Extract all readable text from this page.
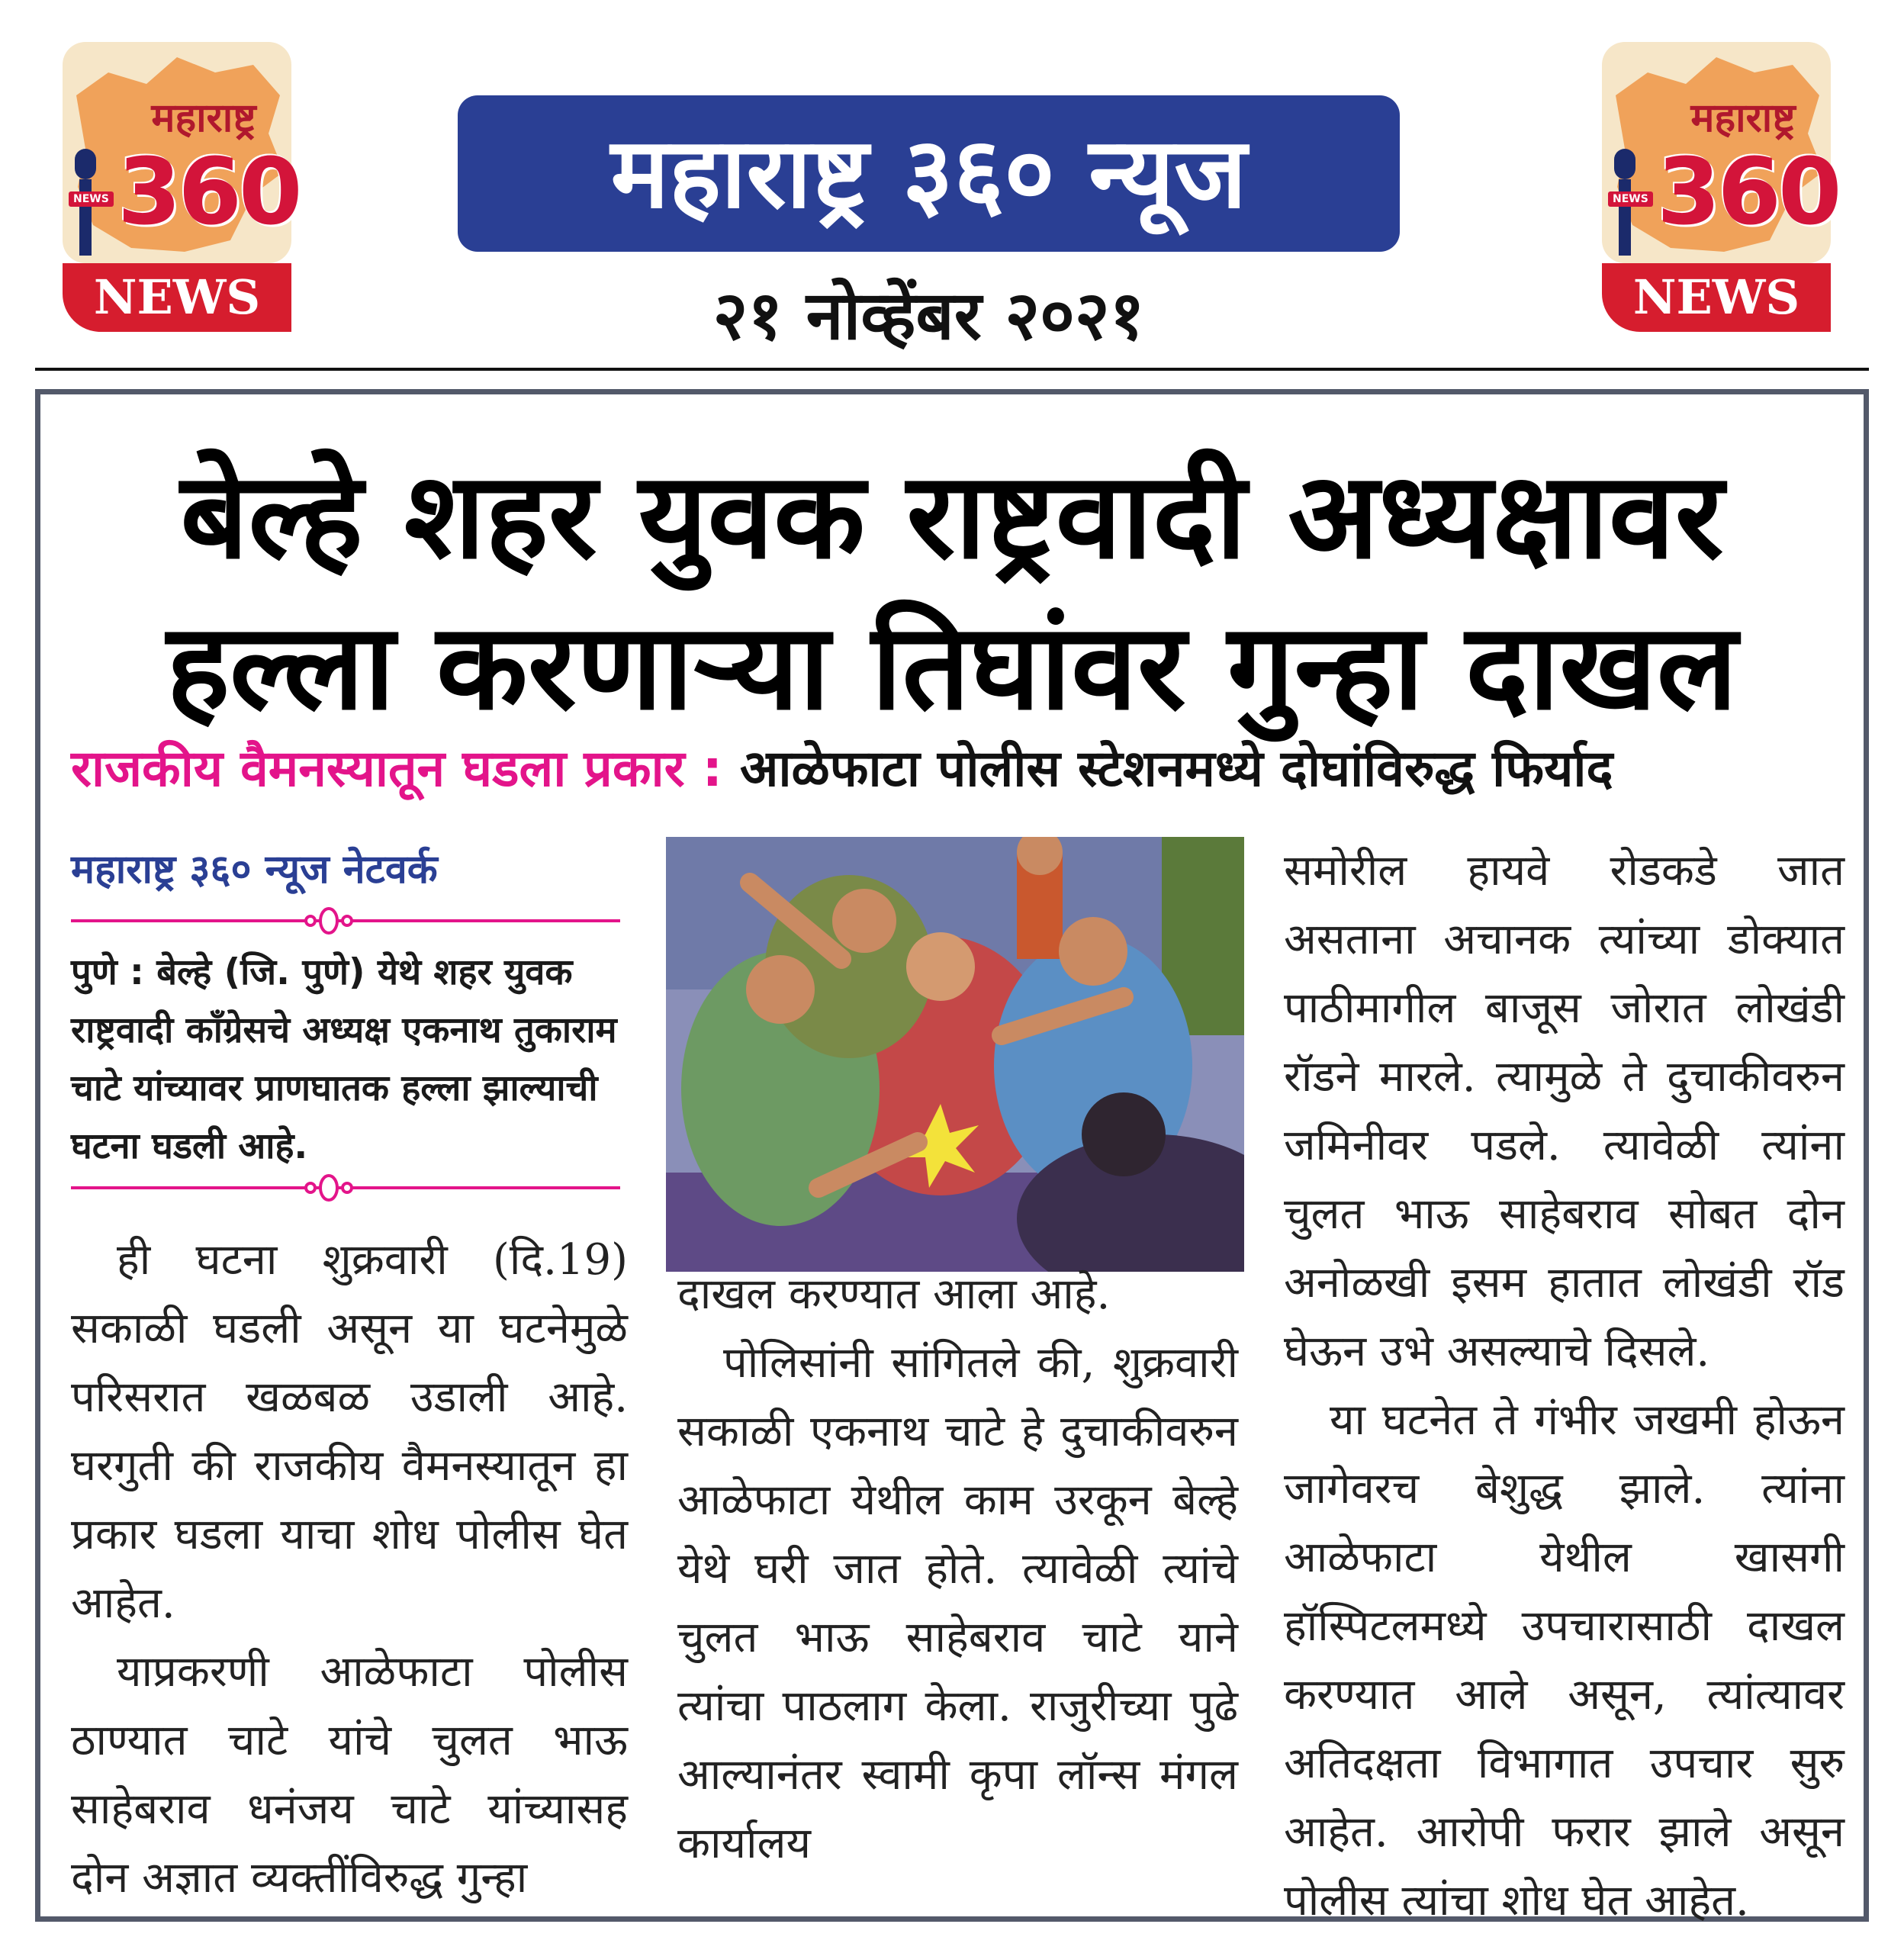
महाराष्ट्र
360
NEWS
NEWS
महाराष्ट्र
360
NEWS
NEWS
महाराष्ट्र ३६० न्यूज
२१ नोव्हेंबर २०२१
बेल्हे शहर युवक राष्ट्रवादी अध्यक्षावर
हल्ला करणाऱ्या तिघांवर गुन्हा दाखल
राजकीय वैमनस्यातून घडला प्रकार : आळेफाटा पोलीस स्टेशनमध्ये दोघांविरुद्ध फिर्याद
महाराष्ट्र ३६० न्यूज नेटवर्क
पुणे : बेल्हे (जि. पुणे) येथे शहर युवक राष्ट्रवादी काँग्रेसचे अध्यक्ष एकनाथ तुकाराम चाटे यांच्यावर प्राणघातक हल्ला झाल्याची घटना घडली आहे.

ही घटना शुक्रवारी (दि.19) सकाळी घडली असून या घटनेमुळे परिसरात खळबळ उडाली आहे. घरगुती की राजकीय वैमनस्यातून हा प्रकार घडला याचा शोध पोलीस घेत आहेत.

याप्रकरणी आळेफाटा पोलीस ठाण्यात चाटे यांचे चुलत भाऊ साहेबराव धनंजय चाटे यांच्यासह दोन अज्ञात व्यक्तींविरुद्ध गुन्हा

दाखल करण्यात आला आहे.

पोलिसांनी सांगितले की, शुक्रवारी सकाळी एकनाथ चाटे हे दुचाकीवरुन आळेफाटा येथील काम उरकून बेल्हे येथे घरी जात होते. त्यावेळी त्यांचे चुलत भाऊ साहेबराव चाटे याने त्यांचा पाठलाग केला. राजुरीच्या पुढे आल्यानंतर स्वामी कृपा लॉन्स मंगल कार्यालय

समोरील हायवे रोडकडे जात असताना अचानक त्यांच्या डोक्यात पाठीमागील बाजूस जोरात लोखंडी रॉडने मारले. त्यामुळे ते दुचाकीवरुन जमिनीवर पडले. त्यावेळी त्यांना चुलत भाऊ साहेबराव सोबत दोन अनोळखी इसम हातात लोखंडी रॉड घेऊन उभे असल्याचे दिसले.

या घटनेत ते गंभीर जखमी होऊन जागेवरच बेशुद्ध झाले. त्यांना आळेफाटा येथील खासगी हॉस्पिटलमध्ये उपचारासाठी दाखल करण्यात आले असून, त्यांत्यावर अतिदक्षता विभागात उपचार सुरु आहेत. आरोपी फरार झाले असून पोलीस त्यांचा शोध घेत आहेत.
